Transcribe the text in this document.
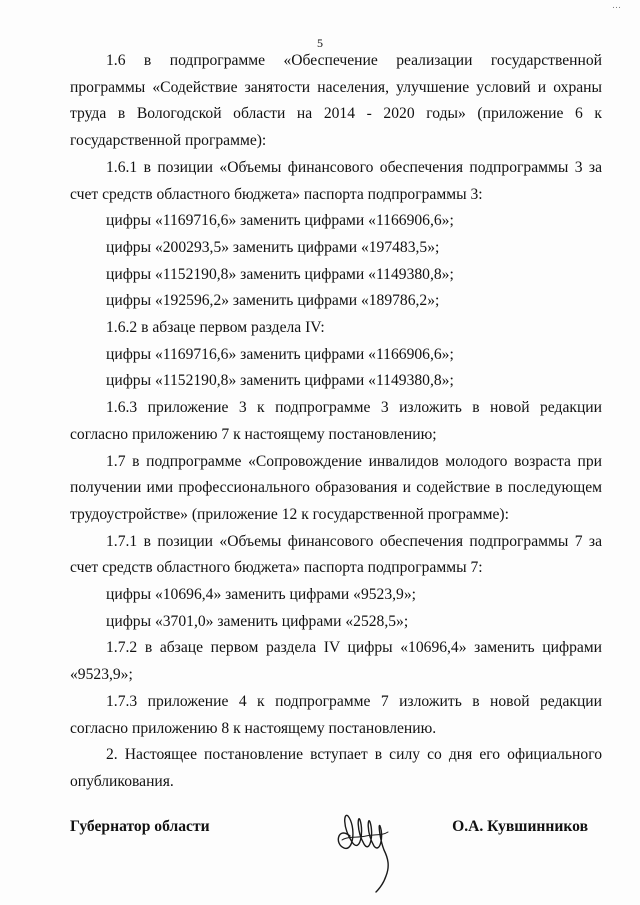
…
5

1.6 в подпрограмме «Обеспечение реализации государственной программы «Содействие занятости населения, улучшение условий и охраны труда в Вологодской области на 2014 - 2020 годы» (приложение 6 к государственной программе):

1.6.1 в позиции «Объемы финансового обеспечения подпрограммы 3 за счет средств областного бюджета» паспорта подпрограммы 3:

цифры «1169716,6» заменить цифрами «1166906,6»;

цифры «200293,5» заменить цифрами «197483,5»;

цифры «1152190,8» заменить цифрами «1149380,8»;

цифры «192596,2» заменить цифрами «189786,2»;

1.6.2 в абзаце первом раздела IV:

цифры «1169716,6» заменить цифрами «1166906,6»;

цифры «1152190,8» заменить цифрами «1149380,8»;

1.6.3 приложение 3 к подпрограмме 3 изложить в новой редакции согласно приложению 7 к настоящему постановлению;

1.7 в подпрограмме «Сопровождение инвалидов молодого возраста при получении ими профессионального образования и содействие в последующем трудоустройстве» (приложение 12 к государственной программе):

1.7.1 в позиции «Объемы финансового обеспечения подпрограммы 7 за счет средств областного бюджета» паспорта подпрограммы 7:

цифры «10696,4» заменить цифрами «9523,9»;

цифры «3701,0» заменить цифрами «2528,5»;

1.7.2 в абзаце первом раздела IV цифры «10696,4» заменить цифрами «9523,9»;

1.7.3 приложение 4 к подпрограмме 7 изложить в новой редакции согласно приложению 8 к настоящему постановлению.

2. Настоящее постановление вступает в силу со дня его официального опубликования.

Губернатор области	О.А. Кувшинников
